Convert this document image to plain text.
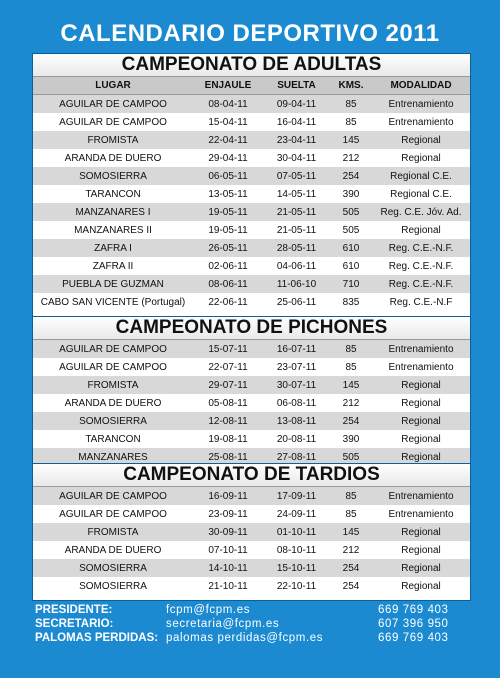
CALENDARIO DEPORTIVO 2011
CAMPEONATO DE ADULTAS
LUGAR	ENJAULE	SUELTA	KMS.	MODALIDAD
AGUILAR DE CAMPOO	08-04-11	09-04-11	85	Entrenamiento
AGUILAR DE CAMPOO	15-04-11	16-04-11	85	Entrenamiento
FROMISTA	22-04-11	23-04-11	145	Regional
ARANDA DE DUERO	29-04-11	30-04-11	212	Regional
SOMOSIERRA	06-05-11	07-05-11	254	Regional C.E.
TARANCON	13-05-11	14-05-11	390	Regional C.E.
MANZANARES I	19-05-11	21-05-11	505	Reg. C.E. Jóv. Ad.
MANZANARES II	19-05-11	21-05-11	505	Regional
ZAFRA I	26-05-11	28-05-11	610	Reg. C.E.-N.F.
ZAFRA II	02-06-11	04-06-11	610	Reg. C.E.-N.F.
PUEBLA DE GUZMAN	08-06-11	11-06-10	710	Reg. C.E.-N.F.
CABO SAN VICENTE (Portugal)	22-06-11	25-06-11	835	Reg. C.E.-N.F
CAMPEONATO DE PICHONES
AGUILAR DE CAMPOO	15-07-11	16-07-11	85	Entrenamiento
AGUILAR DE CAMPOO	22-07-11	23-07-11	85	Entrenamiento
FROMISTA	29-07-11	30-07-11	145	Regional
ARANDA DE DUERO	05-08-11	06-08-11	212	Regional
SOMOSIERRA	12-08-11	13-08-11	254	Regional
TARANCON	19-08-11	20-08-11	390	Regional
MANZANARES	25-08-11	27-08-11	505	Regional
CAMPEONATO DE TARDIOS
AGUILAR DE CAMPOO	16-09-11	17-09-11	85	Entrenamiento
AGUILAR DE CAMPOO	23-09-11	24-09-11	85	Entrenamiento
FROMISTA	30-09-11	01-10-11	145	Regional
ARANDA DE DUERO	07-10-11	08-10-11	212	Regional
SOMOSIERRA	14-10-11	15-10-11	254	Regional
SOMOSIERRA	21-10-11	22-10-11	254	Regional
PRESIDENTE:	fcpm@fcpm.es	669 769 403
SECRETARIO:	secretaria@fcpm.es	607 396 950
PALOMAS PERDIDAS: palomas perdidas@fcpm.es	669 769 403
